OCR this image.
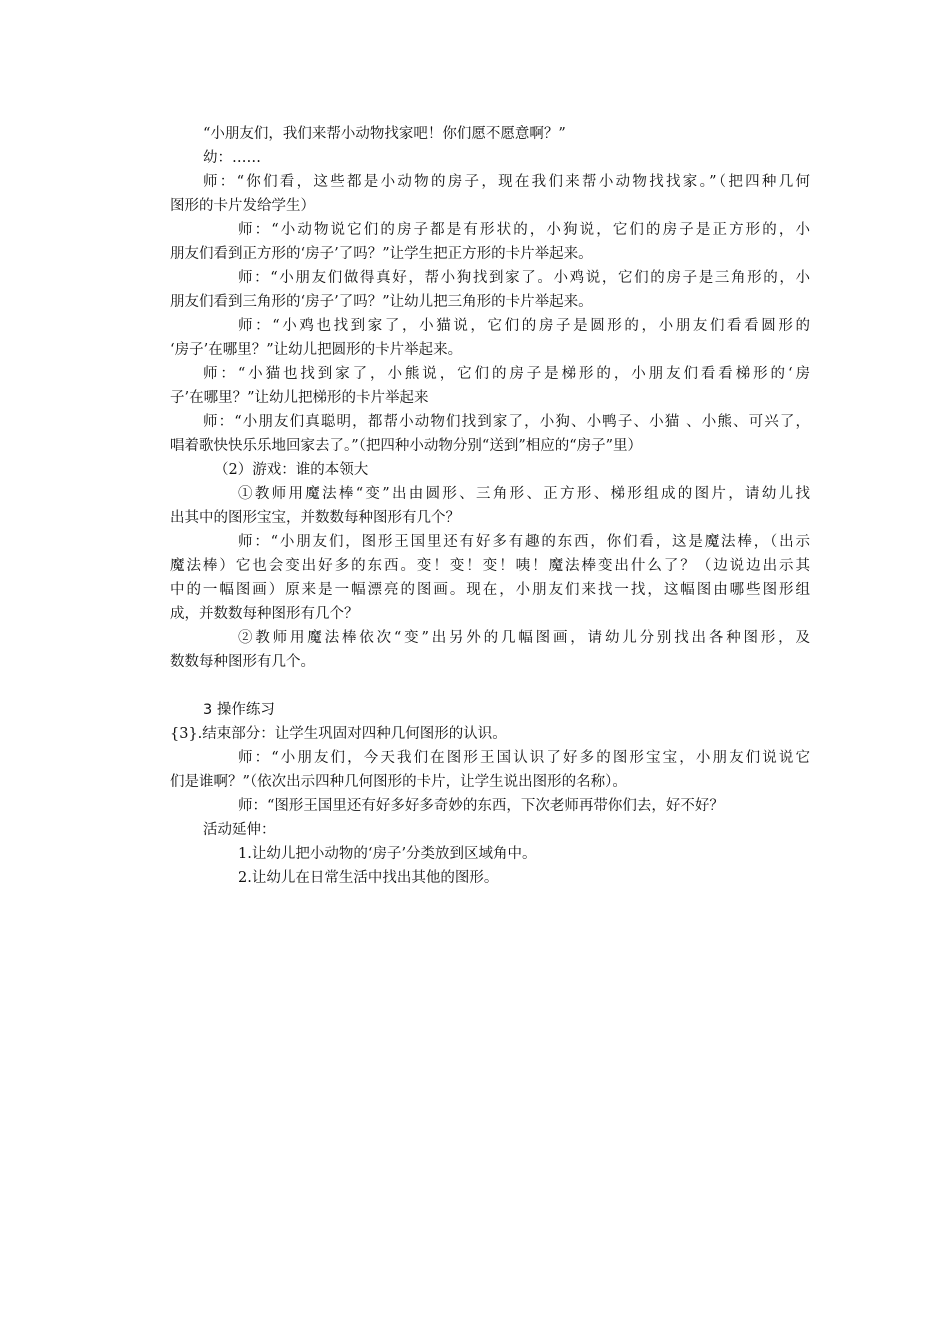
“小朋友们，我们来帮小动物找家吧！你们愿不愿意啊？”
幼：……
师：“你们看，这些都是小动物的房子，现在我们来帮小动物找找家。”（把四种几何
图形的卡片发给学生）
师：“小动物说它们的房子都是有形状的，小狗说，它们的房子是正方形的，小
朋友们看到正方形的‘房子’了吗？”让学生把正方形的卡片举起来。
师：“小朋友们做得真好，帮小狗找到家了。小鸡说，它们的房子是三角形的，小
朋友们看到三角形的‘房子’了吗？”让幼儿把三角形的卡片举起来。
师：“小鸡也找到家了，小猫说，它们的房子是圆形的，小朋友们看看圆形的
‘房子’在哪里？”让幼儿把圆形的卡片举起来。
师：“小猫也找到家了，小熊说，它们的房子是梯形的，小朋友们看看梯形的‘房
子’在哪里？”让幼儿把梯形的卡片举起来
师：“小朋友们真聪明，都帮小动物们找到家了，小狗、小鸭子、小猫 、小熊、可兴了，
唱着歌快快乐乐地回家去了。”（把四种小动物分别“送到”相应的“房子”里）
（2）游戏：谁的本领大
①教师用魔法棒“变”出由圆形、三角形、正方形、梯形组成的图片，请幼儿找
出其中的图形宝宝，并数数每种图形有几个？
师：“小朋友们，图形王国里还有好多有趣的东西，你们看，这是魔法棒，（出示
魔法棒）它也会变出好多的东西。变！变！变！咦！魔法棒变出什么了？（边说边出示其
中的一幅图画）原来是一幅漂亮的图画。现在，小朋友们来找一找，这幅图由哪些图形组
成，并数数每种图形有几个？
②教师用魔法棒依次“变”出另外的几幅图画，请幼儿分别找出各种图形，及
数数每种图形有几个。
3 操作练习
{3}.结束部分：让学生巩固对四种几何图形的认识。
师：“小朋友们，今天我们在图形王国认识了好多的图形宝宝，小朋友们说说它
们是谁啊？”（依次出示四种几何图形的卡片，让学生说出图形的名称）。
师：“图形王国里还有好多好多奇妙的东西，下次老师再带你们去，好不好？
活动延伸：
1.让幼儿把小动物的‘房子’分类放到区域角中。
2.让幼儿在日常生活中找出其他的图形。
